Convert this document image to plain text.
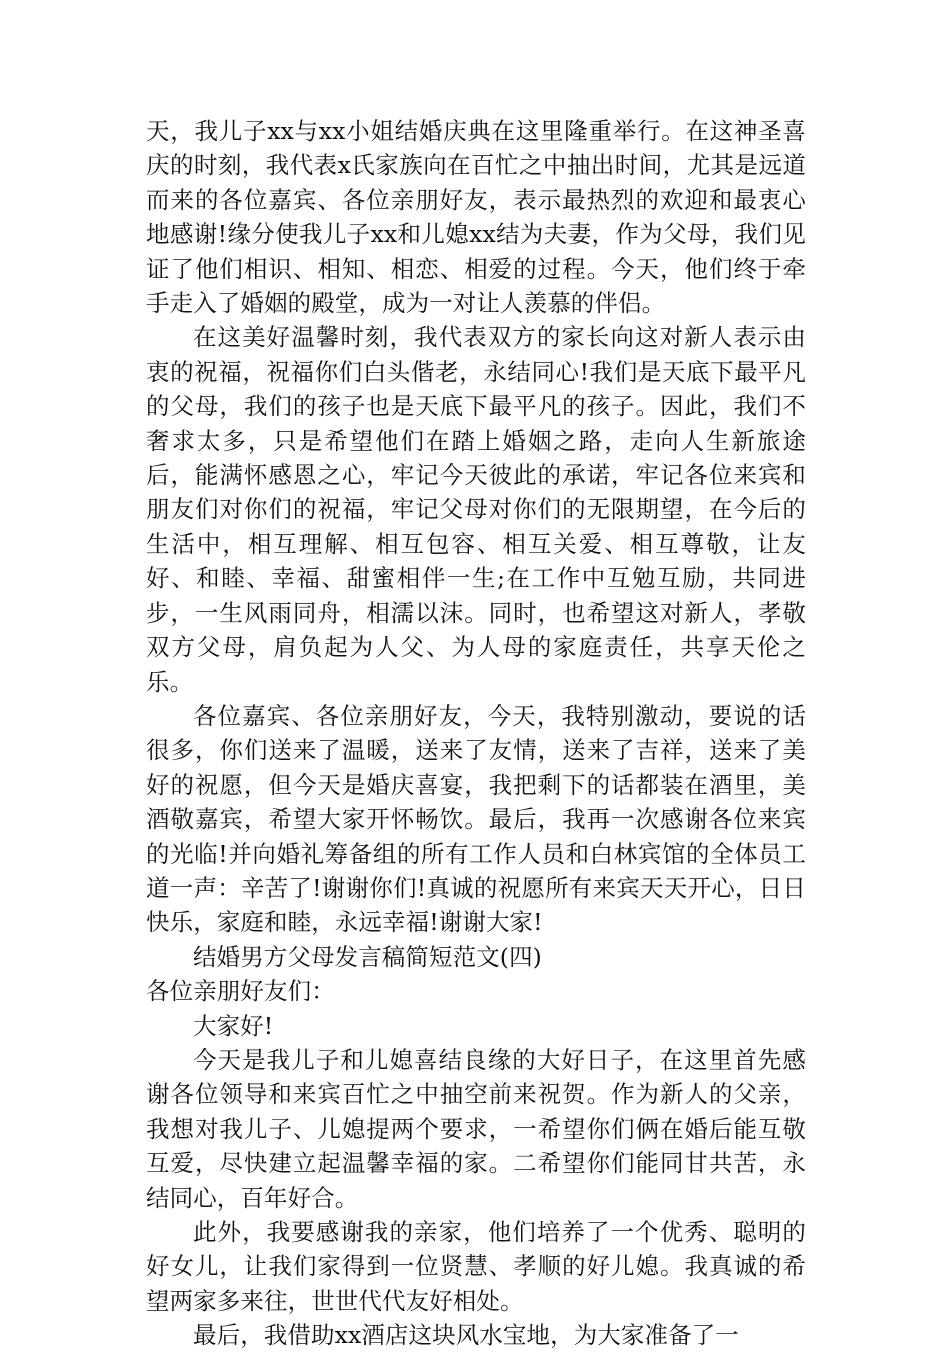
天，我儿子xx与xx小姐结婚庆典在这里隆重举行。在这神圣喜庆的时刻，我代表x氏家族向在百忙之中抽出时间，尤其是远道而来的各位嘉宾、各位亲朋好友，表示最热烈的欢迎和最衷心地感谢!缘分使我儿子xx和儿媳xx结为夫妻，作为父母，我们见证了他们相识、相知、相恋、相爱的过程。今天，他们终于牵手走入了婚姻的殿堂，成为一对让人羡慕的伴侣。

在这美好温馨时刻，我代表双方的家长向这对新人表示由衷的祝福，祝福你们白头偕老，永结同心!我们是天底下最平凡的父母，我们的孩子也是天底下最平凡的孩子。因此，我们不奢求太多，只是希望他们在踏上婚姻之路，走向人生新旅途后，能满怀感恩之心，牢记今天彼此的承诺，牢记各位来宾和朋友们对你们的祝福，牢记父母对你们的无限期望，在今后的生活中，相互理解、相互包容、相互关爱、相互尊敬，让友好、和睦、幸福、甜蜜相伴一生;在工作中互勉互励，共同进步，一生风雨同舟，相濡以沫。同时，也希望这对新人，孝敬双方父母，肩负起为人父、为人母的家庭责任，共享天伦之乐。

各位嘉宾、各位亲朋好友，今天，我特别激动，要说的话很多，你们送来了温暖，送来了友情，送来了吉祥，送来了美好的祝愿，但今天是婚庆喜宴，我把剩下的话都装在酒里，美酒敬嘉宾，希望大家开怀畅饮。最后，我再一次感谢各位来宾的光临!并向婚礼筹备组的所有工作人员和白林宾馆的全体员工道一声：辛苦了!谢谢你们!真诚的祝愿所有来宾天天开心，日日快乐，家庭和睦，永远幸福!谢谢大家!

结婚男方父母发言稿简短范文(四)

各位亲朋好友们：

大家好!

今天是我儿子和儿媳喜结良缘的大好日子，在这里首先感谢各位领导和来宾百忙之中抽空前来祝贺。作为新人的父亲，我想对我儿子、儿媳提两个要求，一希望你们俩在婚后能互敬互爱，尽快建立起温馨幸福的家。二希望你们能同甘共苦，永结同心，百年好合。

此外，我要感谢我的亲家，他们培养了一个优秀、聪明的好女儿，让我们家得到一位贤慧、孝顺的好儿媳。我真诚的希望两家多来往，世世代代友好相处。

最后，我借助xx酒店这块风水宝地，为大家准备了一
